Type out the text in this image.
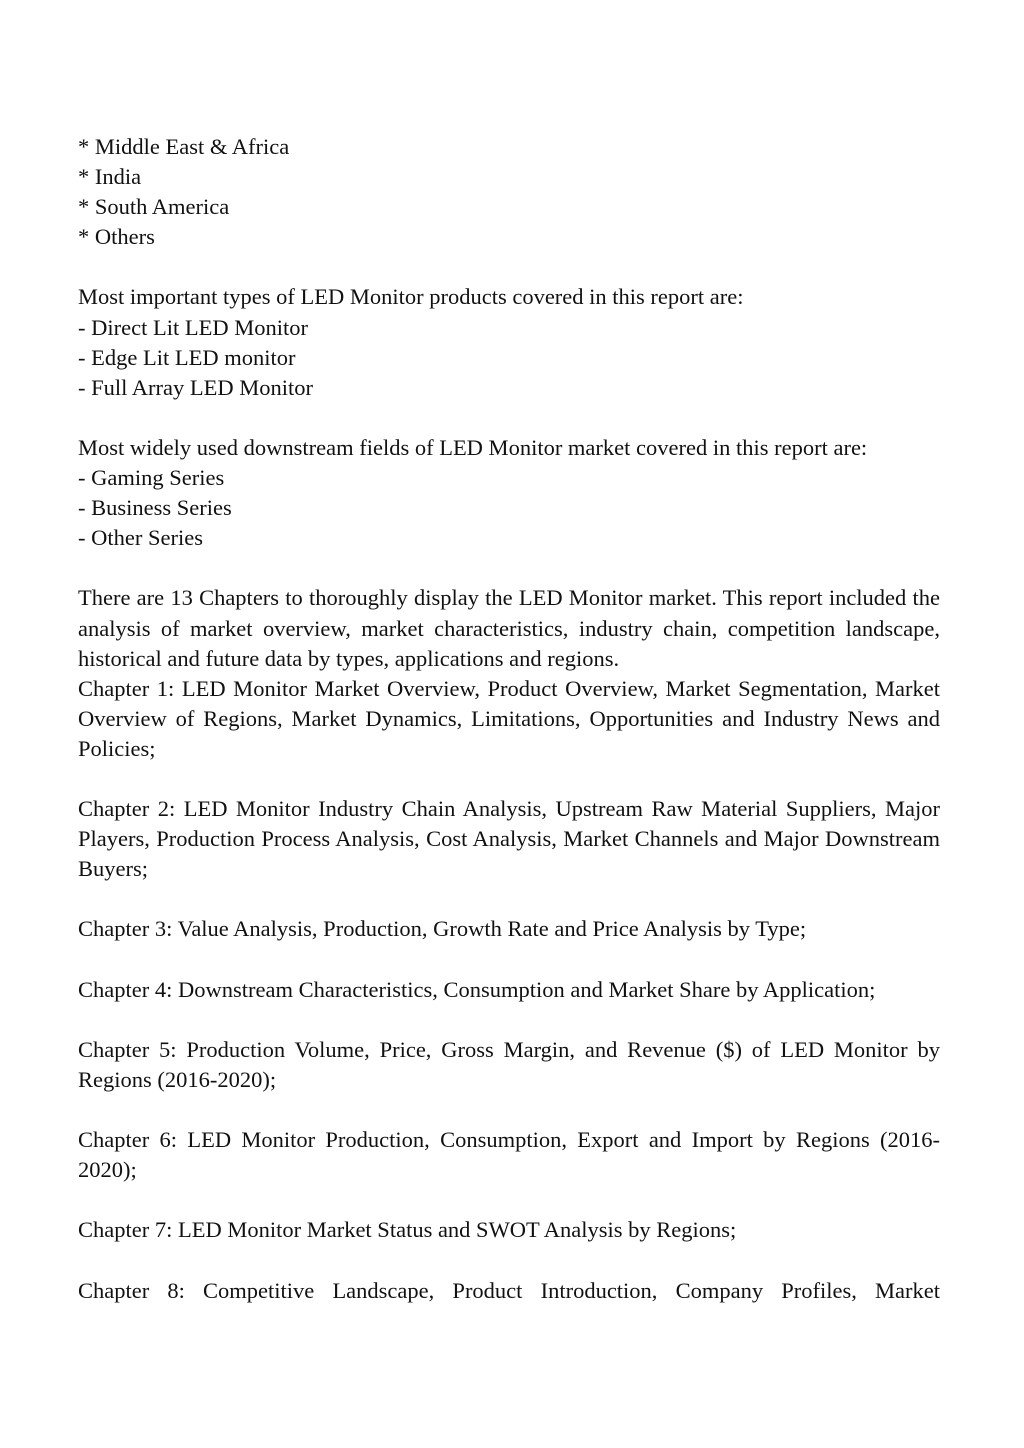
* Middle East & Africa
* India
* South America
* Others
Most important types of LED Monitor products covered in this report are:
- Direct Lit LED Monitor
- Edge Lit LED monitor
- Full Array LED Monitor
Most widely used downstream fields of LED Monitor market covered in this report are:
- Gaming Series
- Business Series
- Other Series

There are 13 Chapters to thoroughly display the LED Monitor market. This report included the analysis of market overview, market characteristics, industry chain, competition landscape, historical and future data by types, applications and regions.

Chapter 1: LED Monitor Market Overview, Product Overview, Market Segmentation, Market Overview of Regions, Market Dynamics, Limitations, Opportunities and Industry News and Policies;

Chapter 2: LED Monitor Industry Chain Analysis, Upstream Raw Material Suppliers, Major Players, Production Process Analysis, Cost Analysis, Market Channels and Major Downstream Buyers;

Chapter 3: Value Analysis, Production, Growth Rate and Price Analysis by Type;

Chapter 4: Downstream Characteristics, Consumption and Market Share by Application;

Chapter 5: Production Volume, Price, Gross Margin, and Revenue ($) of LED Monitor by Regions (2016-2020);

Chapter 6: LED Monitor Production, Consumption, Export and Import by Regions (2016-2020);

Chapter 7: LED Monitor Market Status and SWOT Analysis by Regions;

Chapter 8: Competitive Landscape, Product Introduction, Company Profiles, Market
